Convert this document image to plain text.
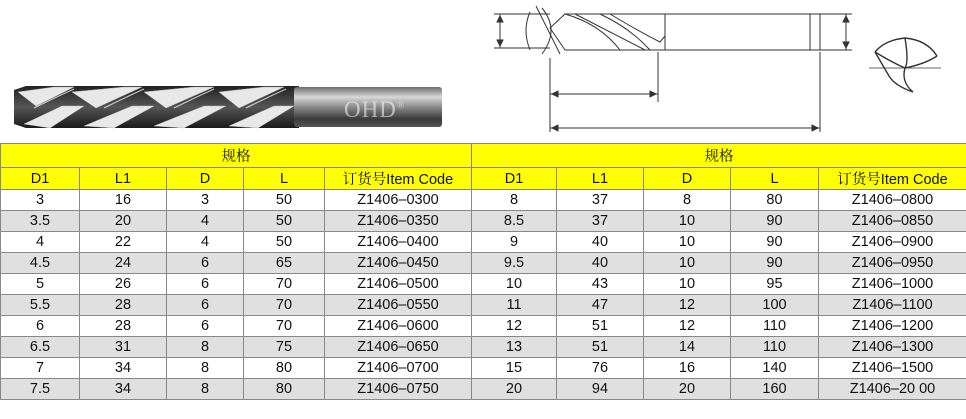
OHD®
规格					规格				
D1	L1	D	L	订货号Item Code	D1	L1	D	L	订货号Item Code
3	16	3	50	Z1406–0300	8	37	8	80	Z1406–0800
3.5	20	4	50	Z1406–0350	8.5	37	10	90	Z1406–0850
4	22	4	50	Z1406–0400	9	40	10	90	Z1406–0900
4.5	24	6	65	Z1406–0450	9.5	40	10	90	Z1406–0950
5	26	6	70	Z1406–0500	10	43	10	95	Z1406–1000
5.5	28	6	70	Z1406–0550	11	47	12	100	Z1406–1100
6	28	6	70	Z1406–0600	12	51	12	110	Z1406–1200
6.5	31	8	75	Z1406–0650	13	51	14	110	Z1406–1300
7	34	8	80	Z1406–0700	15	76	16	140	Z1406–1500
7.5	34	8	80	Z1406–0750	20	94	20	160	Z1406–20 00
